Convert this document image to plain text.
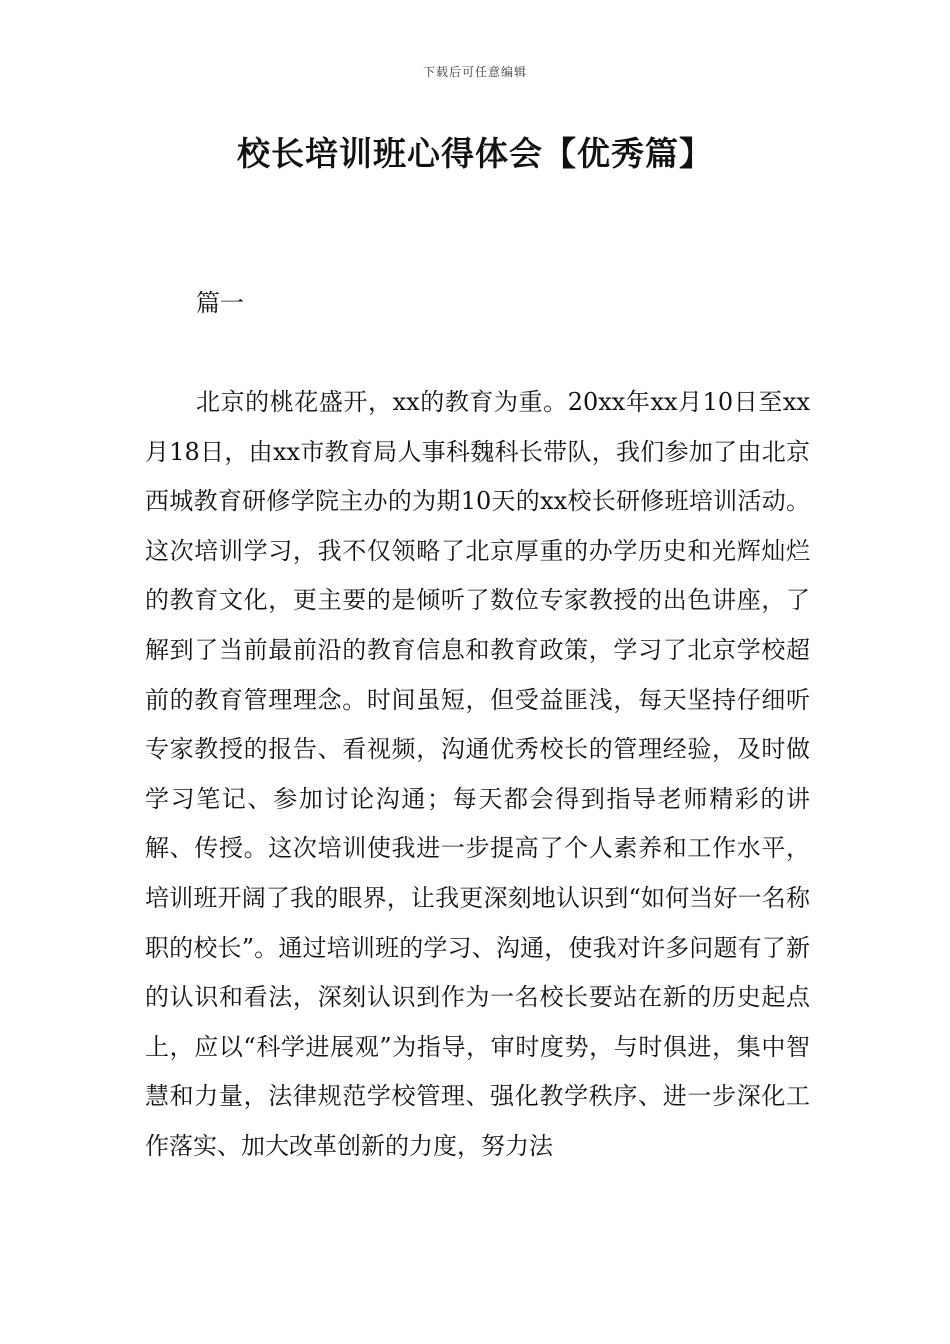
下载后可任意编辑
校长培训班心得体会【优秀篇】
篇一

北京的桃花盛开，xx的教育为重。20xx年xx月10日至xx月18日，由xx市教育局人事科魏科长带队，我们参加了由北京西城教育研修学院主办的为期10天的xx校长研修班培训活动。这次培训学习，我不仅领略了北京厚重的办学历史和光辉灿烂的教育文化，更主要的是倾听了数位专家教授的出色讲座，了解到了当前最前沿的教育信息和教育政策，学习了北京学校超前的教育管理理念。时间虽短，但受益匪浅，每天坚持仔细听专家教授的报告、看视频，沟通优秀校长的管理经验，及时做学习笔记、参加讨论沟通；每天都会得到指导老师精彩的讲解、传授。这次培训使我进一步提高了个人素养和工作水平，培训班开阔了我的眼界，让我更深刻地认识到“如何当好一名称职的校长”。通过培训班的学习、沟通，使我对许多问题有了新的认识和看法，深刻认识到作为一名校长要站在新的历史起点上，应以“科学进展观”为指导，审时度势，与时俱进，集中智慧和力量，法律规范学校管理、强化教学秩序、进一步深化工作落实、加大改革创新的力度，努力法
